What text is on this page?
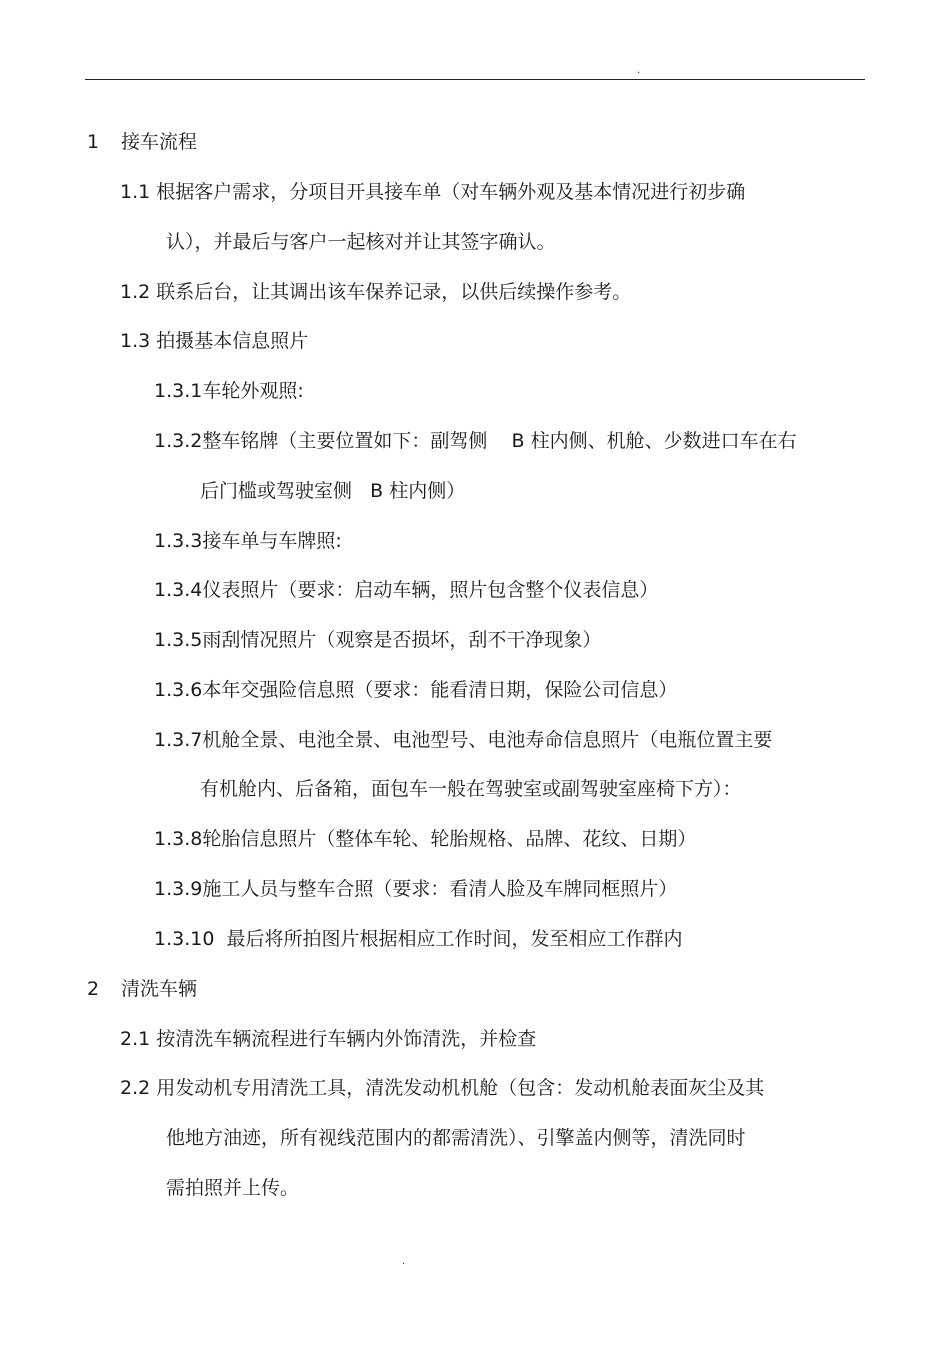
.
1 接车流程
1.1 根据客户需求，分项目开具接车单（对车辆外观及基本情况进行初步确
认），并最后与客户一起核对并让其签字确认。
1.2 联系后台，让其调出该车保养记录，以供后续操作参考。
1.3 拍摄基本信息照片
1.3.1车轮外观照:
1.3.2整车铭牌（主要位置如下：副驾侧    B 柱内侧、机舱、少数进口车在右
后门槛或驾驶室侧   B 柱内侧）
1.3.3接车单与车牌照:
1.3.4仪表照片（要求：启动车辆，照片包含整个仪表信息）
1.3.5雨刮情况照片（观察是否损坏，刮不干净现象）
1.3.6本年交强险信息照（要求：能看清日期，保险公司信息）
1.3.7机舱全景、电池全景、电池型号、电池寿命信息照片（电瓶位置主要
有机舱内、后备箱，面包车一般在驾驶室或副驾驶室座椅下方）：
1.3.8轮胎信息照片（整体车轮、轮胎规格、品牌、花纹、日期）
1.3.9施工人员与整车合照（要求：看清人脸及车牌同框照片）
1.3.10  最后将所拍图片根据相应工作时间，发至相应工作群内
2 清洗车辆
2.1 按清洗车辆流程进行车辆内外饰清洗，并检查
2.2 用发动机专用清洗工具，清洗发动机机舱（包含：发动机舱表面灰尘及其
他地方油迹，所有视线范围内的都需清洗）、引擎盖内侧等，清洗同时
需拍照并上传。
.
